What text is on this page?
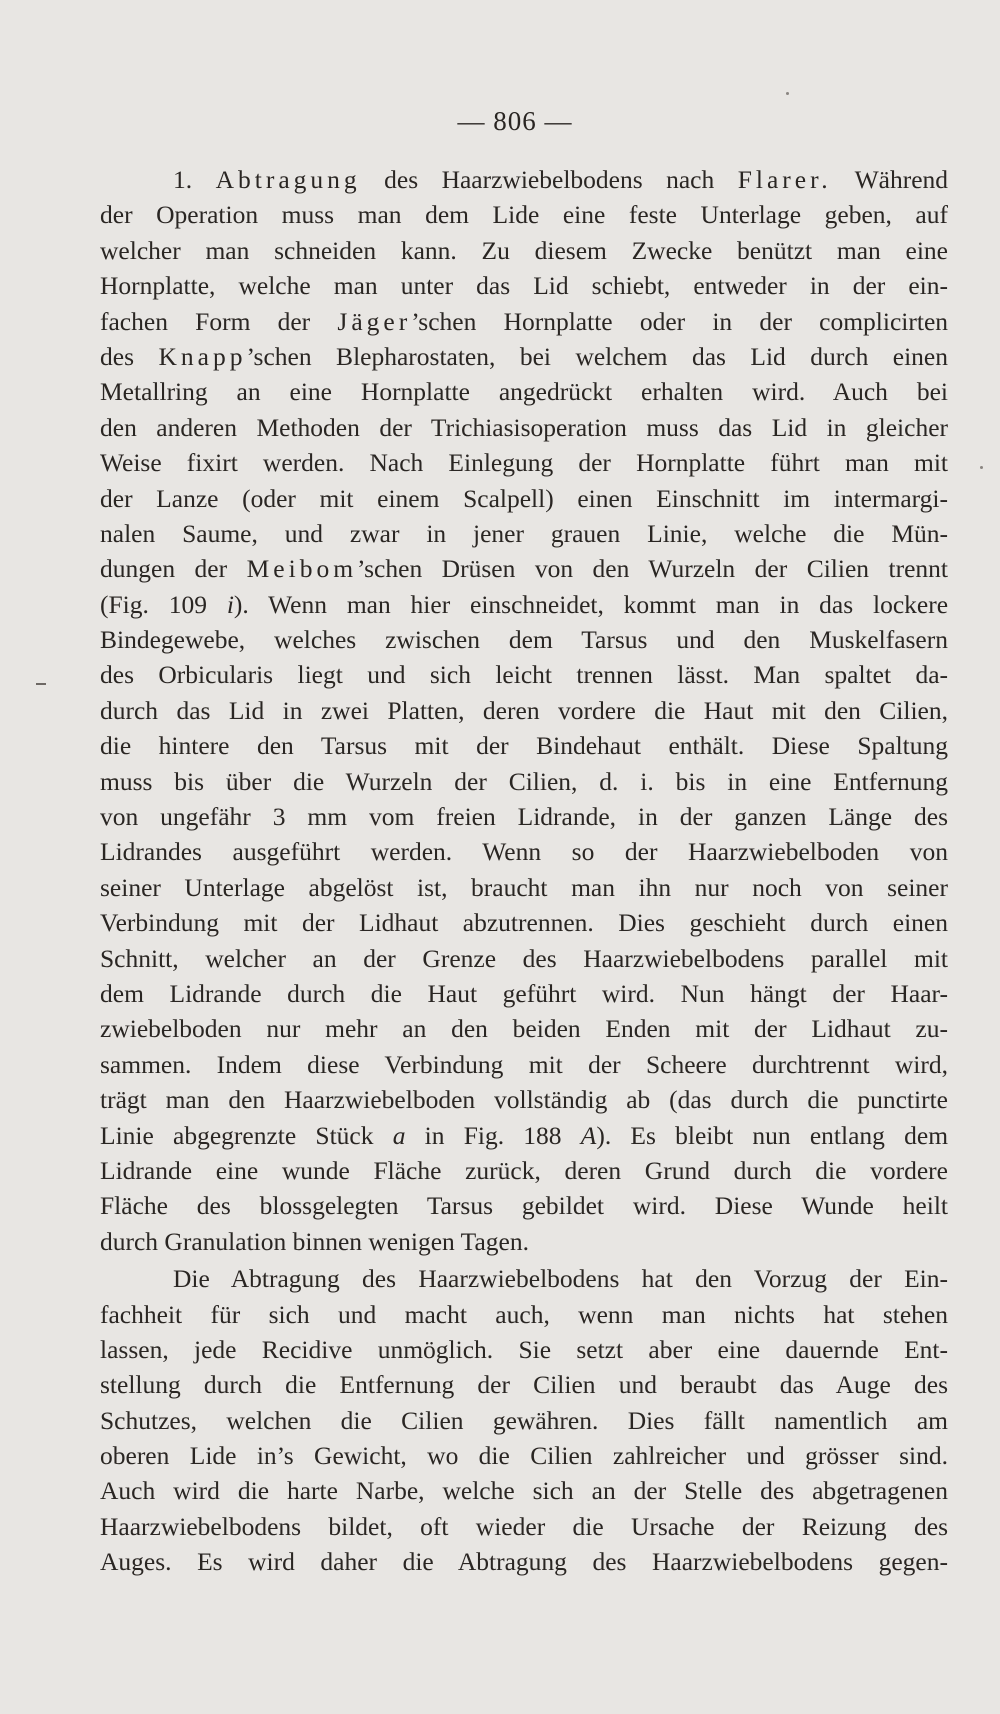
— 806 —
1. Abtragung des Haarzwiebelbodens nach Flarer. Während
der Operation muss man dem Lide eine feste Unterlage geben, auf
welcher man schneiden kann. Zu diesem Zwecke benützt man eine
Hornplatte, welche man unter das Lid schiebt, entweder in der ein-
fachen Form der Jäger’schen Hornplatte oder in der complicirten
des Knapp’schen Blepharostaten, bei welchem das Lid durch einen
Metallring an eine Hornplatte angedrückt erhalten wird. Auch bei
den anderen Methoden der Trichiasisoperation muss das Lid in gleicher
Weise fixirt werden. Nach Einlegung der Hornplatte führt man mit
der Lanze (oder mit einem Scalpell) einen Einschnitt im intermargi-
nalen Saume, und zwar in jener grauen Linie, welche die Mün-
dungen der Meibom’schen Drüsen von den Wurzeln der Cilien trennt
(Fig. 109 i). Wenn man hier einschneidet, kommt man in das lockere
Bindegewebe, welches zwischen dem Tarsus und den Muskelfasern
des Orbicularis liegt und sich leicht trennen lässt. Man spaltet da-
durch das Lid in zwei Platten, deren vordere die Haut mit den Cilien,
die hintere den Tarsus mit der Bindehaut enthält. Diese Spaltung
muss bis über die Wurzeln der Cilien, d. i. bis in eine Entfernung
von ungefähr 3 mm vom freien Lidrande, in der ganzen Länge des
Lidrandes ausgeführt werden. Wenn so der Haarzwiebelboden von
seiner Unterlage abgelöst ist, braucht man ihn nur noch von seiner
Verbindung mit der Lidhaut abzutrennen. Dies geschieht durch einen
Schnitt, welcher an der Grenze des Haarzwiebelbodens parallel mit
dem Lidrande durch die Haut geführt wird. Nun hängt der Haar-
zwiebelboden nur mehr an den beiden Enden mit der Lidhaut zu-
sammen. Indem diese Verbindung mit der Scheere durchtrennt wird,
trägt man den Haarzwiebelboden vollständig ab (das durch die punctirte
Linie abgegrenzte Stück a in Fig. 188 A). Es bleibt nun entlang dem
Lidrande eine wunde Fläche zurück, deren Grund durch die vordere
Fläche des blossgelegten Tarsus gebildet wird. Diese Wunde heilt
durch Granulation binnen wenigen Tagen.
Die Abtragung des Haarzwiebelbodens hat den Vorzug der Ein-
fachheit für sich und macht auch, wenn man nichts hat stehen
lassen, jede Recidive unmöglich. Sie setzt aber eine dauernde Ent-
stellung durch die Entfernung der Cilien und beraubt das Auge des
Schutzes, welchen die Cilien gewähren. Dies fällt namentlich am
oberen Lide in’s Gewicht, wo die Cilien zahlreicher und grösser sind.
Auch wird die harte Narbe, welche sich an der Stelle des abgetragenen
Haarzwiebelbodens bildet, oft wieder die Ursache der Reizung des
Auges. Es wird daher die Abtragung des Haarzwiebelbodens gegen-
